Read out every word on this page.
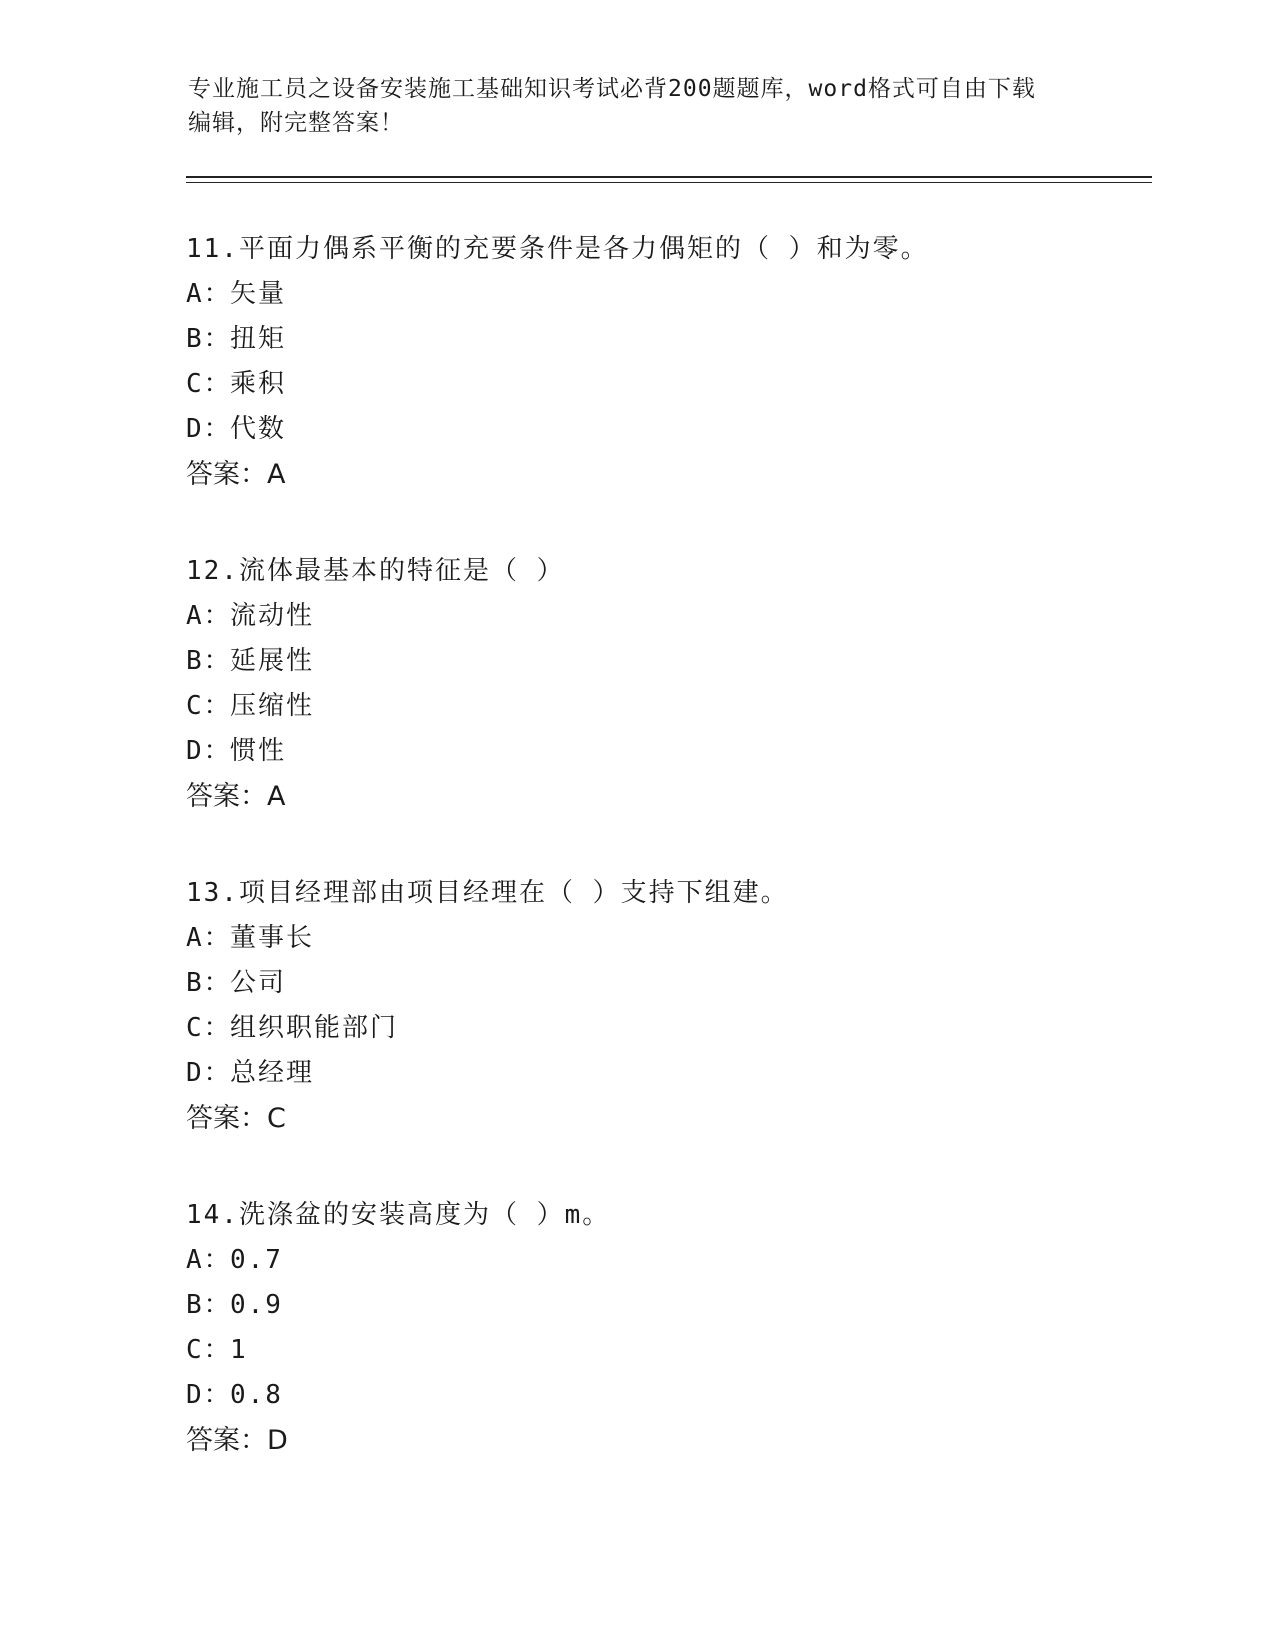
专业施工员之设备安装施工基础知识考试必背200题题库，word格式可自由下载
编辑，附完整答案！
11.平面力偶系平衡的充要条件是各力偶矩的（ ）和为零。
A：矢量
B：扭矩
C：乘积
D：代数
答案：A
12.流体最基本的特征是（ ）
A：流动性
B：延展性
C：压缩性
D：惯性
答案：A
13.项目经理部由项目经理在（ ）支持下组建。
A：董事长
B：公司
C：组织职能部门
D：总经理
答案：C
14.洗涤盆的安装高度为（ ）m。
A：0.7
B：0.9
C：1
D：0.8
答案：D
